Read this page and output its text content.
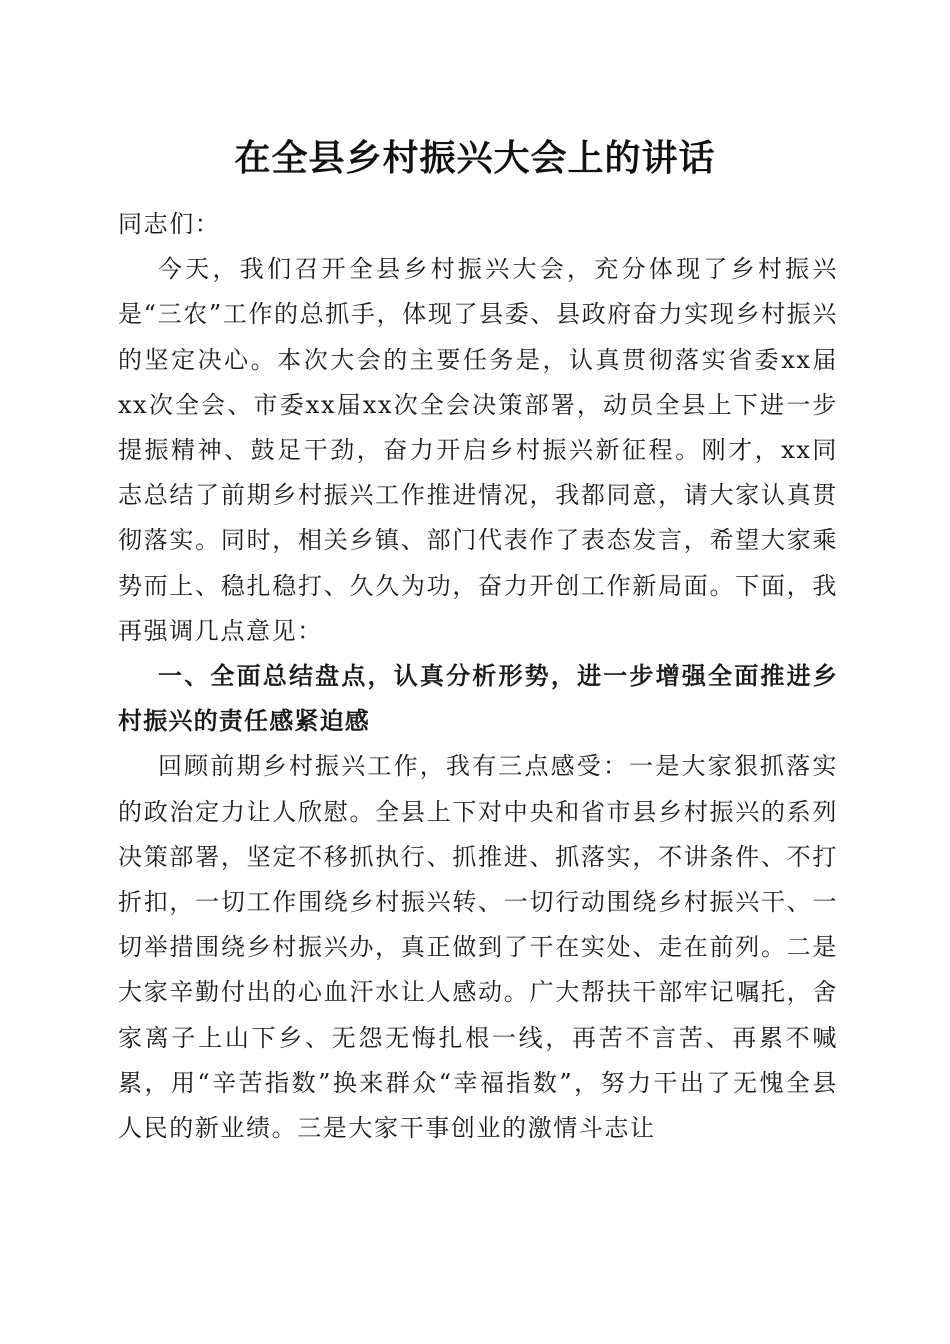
在全县乡村振兴大会上的讲话

同志们：

今天，我们召开全县乡村振兴大会，充分体现了乡村振兴是“三农”工作的总抓手，体现了县委、县政府奋力实现乡村振兴的坚定决心。本次大会的主要任务是，认真贯彻落实省委xx届xx次全会、市委xx届xx次全会决策部署，动员全县上下进一步提振精神、鼓足干劲，奋力开启乡村振兴新征程。刚才，xx同志总结了前期乡村振兴工作推进情况，我都同意，请大家认真贯彻落实。同时，相关乡镇、部门代表作了表态发言，希望大家乘势而上、稳扎稳打、久久为功，奋力开创工作新局面。下面，我再强调几点意见：

一、全面总结盘点，认真分析形势，进一步增强全面推进乡村振兴的责任感紧迫感

回顾前期乡村振兴工作，我有三点感受：一是大家狠抓落实的政治定力让人欣慰。全县上下对中央和省市县乡村振兴的系列决策部署，坚定不移抓执行、抓推进、抓落实，不讲条件、不打折扣，一切工作围绕乡村振兴转、一切行动围绕乡村振兴干、一切举措围绕乡村振兴办，真正做到了干在实处、走在前列。二是大家辛勤付出的心血汗水让人感动。广大帮扶干部牢记嘱托，舍家离子上山下乡、无怨无悔扎根一线，再苦不言苦、再累不喊累，用“辛苦指数”换来群众“幸福指数”，努力干出了无愧全县人民的新业绩。三是大家干事创业的激情斗志让
